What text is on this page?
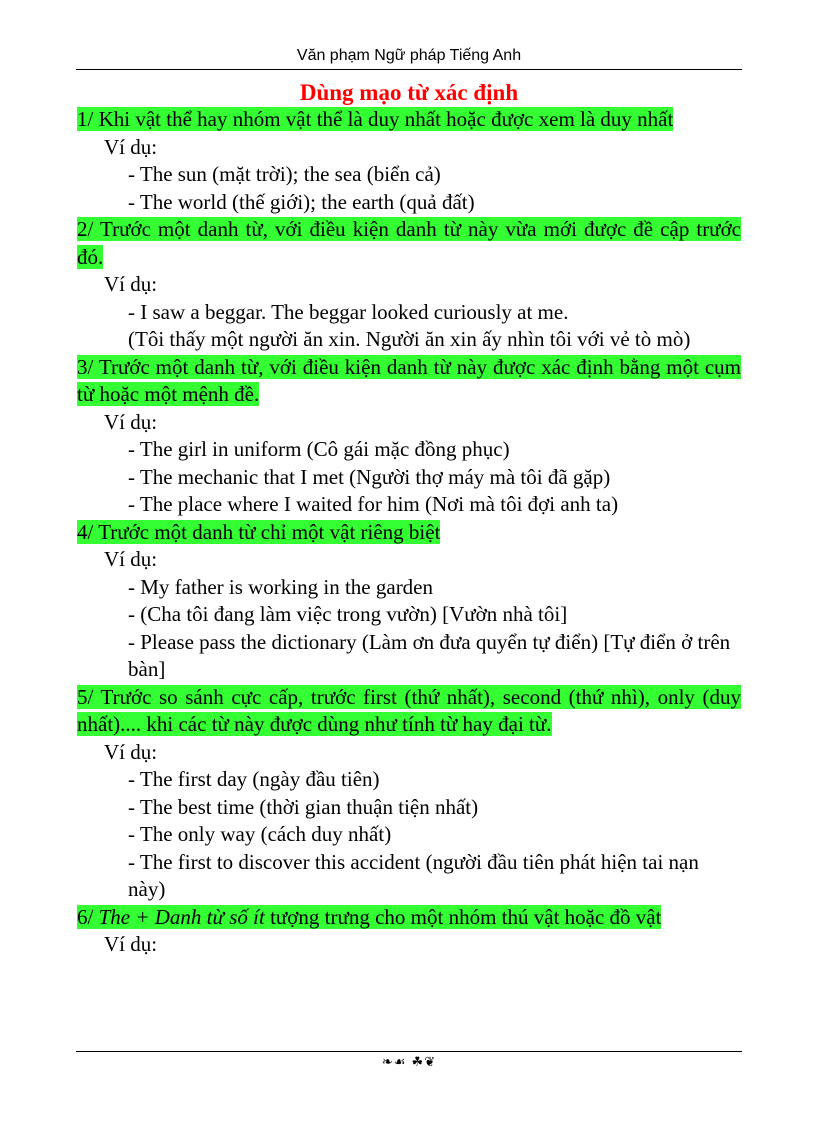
Văn phạm Ngữ pháp Tiếng Anh
Dùng mạo từ xác định
1/ Khi vật thể hay nhóm vật thể là duy nhất hoặc được xem là duy nhất
Ví dụ:
- The sun (mặt trời); the sea (biển cả)
- The world (thế giới); the earth (quả đất)
2/ Trước một danh từ, với điều kiện danh từ này vừa mới được đề cập trước đó.
Ví dụ:
- I saw a beggar. The beggar looked curiously at me.
(Tôi thấy một người ăn xin. Người ăn xin ấy nhìn tôi với vẻ tò mò)
3/ Trước một danh từ, với điều kiện danh từ này được xác định bằng một cụm từ hoặc một mệnh đề.
Ví dụ:
- The girl in uniform (Cô gái mặc đồng phục)
- The mechanic that I met (Người thợ máy mà tôi đã gặp)
- The place where I waited for him (Nơi mà tôi đợi anh ta)
4/ Trước một danh từ chỉ một vật riêng biệt
Ví dụ:
- My father is working in the garden
- (Cha tôi đang làm việc trong vườn) [Vườn nhà tôi]
- Please pass the dictionary (Làm ơn đưa quyển tự điển) [Tự điển ở trên bàn]
5/ Trước so sánh cực cấp, trước first (thứ nhất), second (thứ nhì), only (duy nhất).... khi các từ này được dùng như tính từ hay đại từ.
Ví dụ:
- The first day (ngày đầu tiên)
- The best time (thời gian thuận tiện nhất)
- The only way (cách duy nhất)
- The first to discover this accident (người đầu tiên phát hiện tai nạn này)
6/ The + Danh từ số ít tượng trưng cho một nhóm thú vật hoặc đồ vật
Ví dụ:
❧☙ ☘❦
